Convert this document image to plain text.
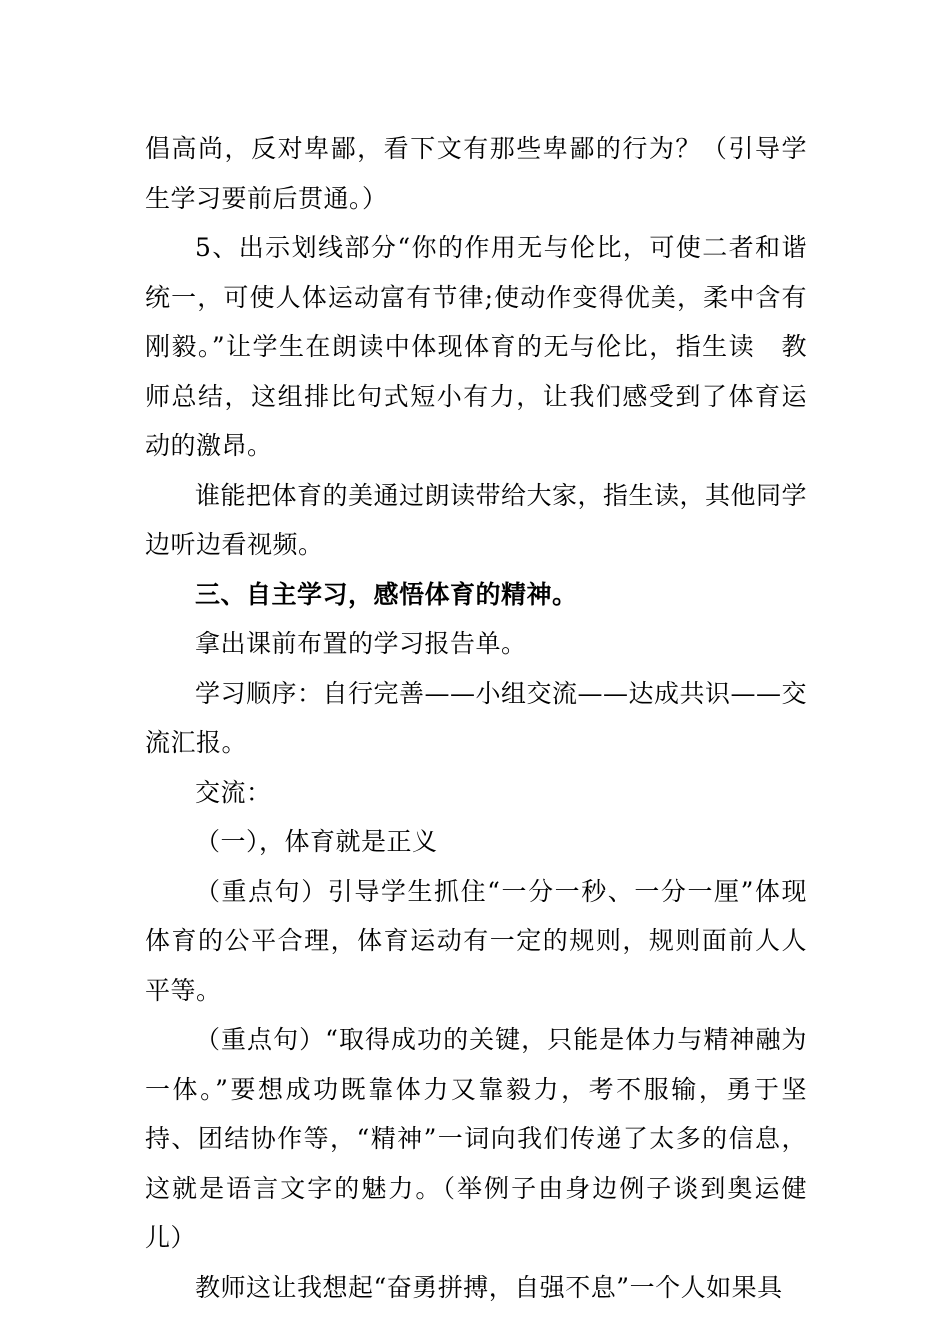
倡高尚，反对卑鄙，看下文有那些卑鄙的行为？（引导学生学习要前后贯通。）

5、出示划线部分“你的作用无与伦比，可使二者和谐统一，可使人体运动富有节律;使动作变得优美，柔中含有刚毅。”让学生在朗读中体现体育的无与伦比，指生读　教师总结，这组排比句式短小有力，让我们感受到了体育运动的激昂。

谁能把体育的美通过朗读带给大家，指生读，其他同学边听边看视频。

三、自主学习，感悟体育的精神。

拿出课前布置的学习报告单。

学习顺序：自行完善——小组交流——达成共识——交流汇报。

交流：

（一），体育就是正义

（重点句）引导学生抓住“一分一秒、一分一厘”体现体育的公平合理，体育运动有一定的规则，规则面前人人平等。

（重点句）“取得成功的关键，只能是体力与精神融为一体。”要想成功既靠体力又靠毅力，考不服输，勇于坚持、团结协作等，“精神”一词向我们传递了太多的信息，这就是语言文字的魅力。（举例子由身边例子谈到奥运健儿）

教师这让我想起“奋勇拼搏，自强不息”一个人如果具
